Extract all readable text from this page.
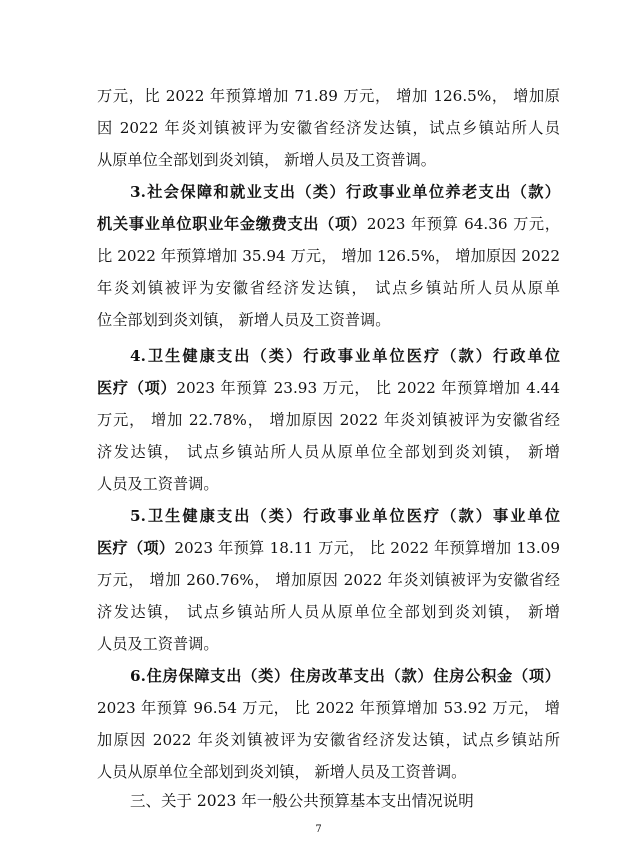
万元，比 2022 年预算增加 71.89 万元， 增加 126.5%， 增加原
因 2022 年炎刘镇被评为安徽省经济发达镇，试点乡镇站所人员
从原单位全部划到炎刘镇， 新增人员及工资普调。
3.社会保障和就业支出（类）行政事业单位养老支出（款）
机关事业单位职业年金缴费支出（项）2023 年预算 64.36 万元，
比 2022 年预算增加 35.94 万元， 增加 126.5%， 增加原因 2022
年炎刘镇被评为安徽省经济发达镇， 试点乡镇站所人员从原单
位全部划到炎刘镇， 新增人员及工资普调。
4.卫生健康支出（类）行政事业单位医疗（款）行政单位
医疗（项）2023 年预算 23.93 万元， 比 2022 年预算增加 4.44
万元， 增加 22.78%， 增加原因 2022 年炎刘镇被评为安徽省经
济发达镇， 试点乡镇站所人员从原单位全部划到炎刘镇， 新增
人员及工资普调。
5.卫生健康支出（类）行政事业单位医疗（款）事业单位
医疗（项）2023 年预算 18.11 万元， 比 2022 年预算增加 13.09
万元， 增加 260.76%， 增加原因 2022 年炎刘镇被评为安徽省经
济发达镇， 试点乡镇站所人员从原单位全部划到炎刘镇， 新增
人员及工资普调。
6.住房保障支出（类）住房改革支出（款）住房公积金（项）
2023 年预算 96.54 万元， 比 2022 年预算增加 53.92 万元， 增
加原因 2022 年炎刘镇被评为安徽省经济发达镇，试点乡镇站所
人员从原单位全部划到炎刘镇， 新增人员及工资普调。
三、关于 2023 年一般公共预算基本支出情况说明
7
